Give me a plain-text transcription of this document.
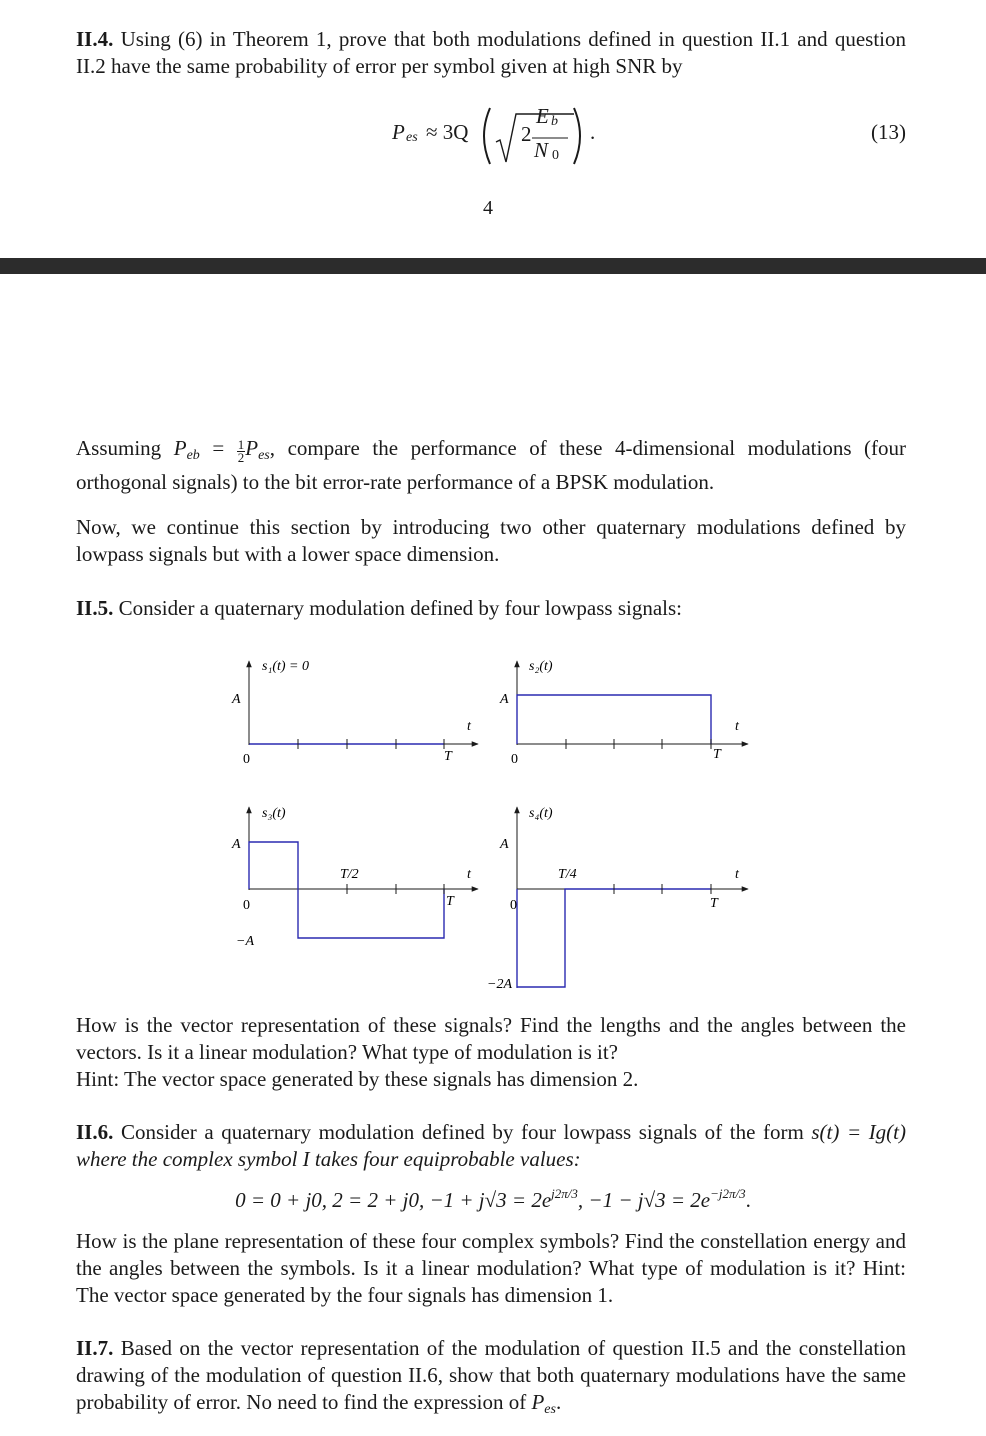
II.4. Using (6) in Theorem 1, prove that both modulations defined in question II.1 and question II.2 have the same probability of error per symbol given at high SNR by
P es ≈ 3Q	2
E b
N 0
.	(13)
4
Assuming $P_{eb} = \frac{1}{2} P_{es}$, compare the performance of these 4-dimensional modulations (four orthogonal signals) to the bit error-rate performance of a BPSK modulation.
Now, we continue this section by introducing two other quaternary modulations defined by lowpass signals but with a lower space dimension.
II.5. Consider a quaternary modulation defined by four lowpass signals:
s₁(t) = 0
A
0
t
T
s₂(t)
A
0
t
T
s₃(t)
A
0
−A
T/2	t
T
s₄(t)
A
0
−2A
T/4	t
T
How is the vector representation of these signals? Find the lengths and the angles between the vectors. Is it a linear modulation? What type of modulation is it?
Hint: The vector space generated by these signals has dimension 2.
II.6. Consider a quaternary modulation defined by four lowpass signals of the form s(t) = Ig(t) where the complex symbol I takes four equiprobable values:
0 = 0 + j0, 2 = 2 + j0, $-1 + j√3 = 2e^{j2\pi/3}$, $-1 - j√3 = 2e^{-j2\pi/3}$.
How is the plane representation of these four complex symbols? Find the constellation energy and the angles between the symbols. Is it a linear modulation? What type of modulation is it? Hint: The vector space generated by the four signals has dimension 1.
II.7. Based on the vector representation of the modulation of question II.5 and the constellation drawing of the modulation of question II.6, show that both quaternary modulations have the same probability of error. No need to find the expression of $P_{es}$.
